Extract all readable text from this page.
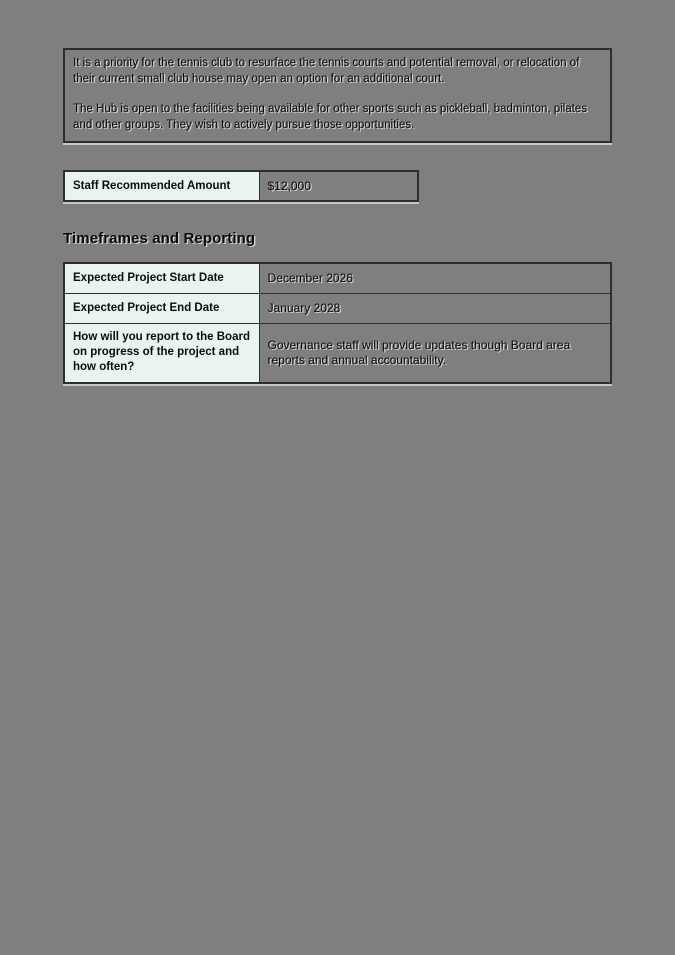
It is a priority for the tennis club to resurface the tennis courts and potential removal, or relocation of their current small club house may open an option for an additional court.

The Hub is open to the facilities being available for other sports such as pickleball, badminton, pilates and other groups. They wish to actively pursue those opportunities.

Staff Recommended Amount	$12,000
Timeframes and Reporting
Expected Project Start Date	December 2026
Expected Project End Date	January 2028
How will you report to the Board on progress of the project and how often?	Governance staff will provide updates though Board area reports and annual accountability.
